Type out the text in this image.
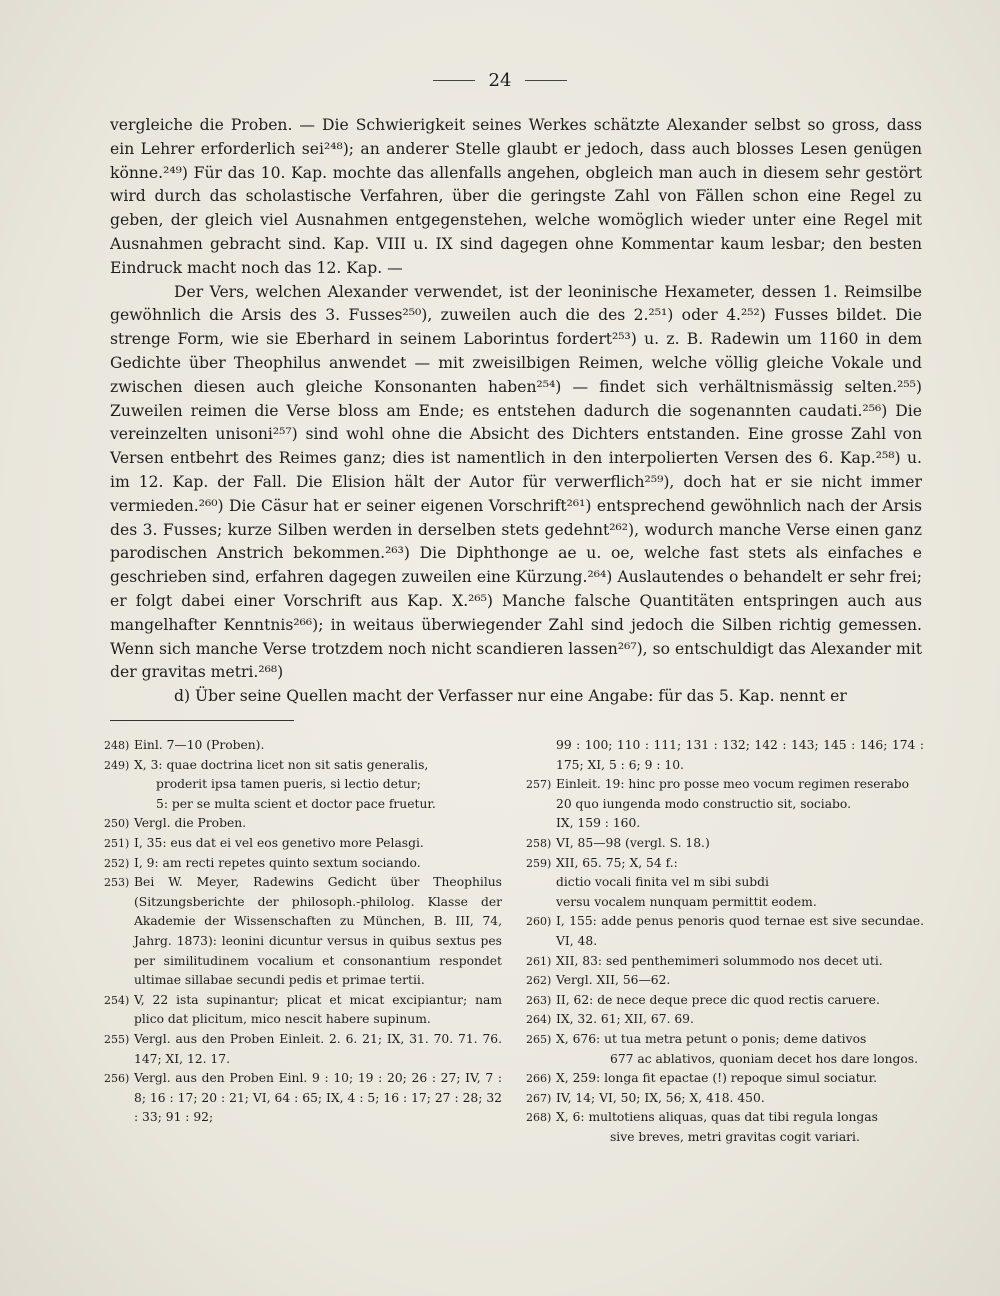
24

vergleiche die Proben. — Die Schwierigkeit seines Werkes schätzte Alexander selbst so gross, dass ein Lehrer erforderlich sei²⁴⁸); an anderer Stelle glaubt er jedoch, dass auch blosses Lesen genügen könne.²⁴⁹) Für das 10. Kap. mochte das allenfalls angehen, obgleich man auch in diesem sehr gestört wird durch das scholastische Verfahren, über die geringste Zahl von Fällen schon eine Regel zu geben, der gleich viel Ausnahmen entgegenstehen, welche womöglich wieder unter eine Regel mit Ausnahmen gebracht sind. Kap. VIII u. IX sind dagegen ohne Kommentar kaum lesbar; den besten Eindruck macht noch das 12. Kap. —

Der Vers, welchen Alexander verwendet, ist der leoninische Hexameter, dessen 1. Reimsilbe gewöhnlich die Arsis des 3. Fusses²⁵⁰), zuweilen auch die des 2.²⁵¹) oder 4.²⁵²) Fusses bildet. Die strenge Form, wie sie Eberhard in seinem Laborintus fordert²⁵³) u. z. B. Radewin um 1160 in dem Gedichte über Theophilus anwendet — mit zweisilbigen Reimen, welche völlig gleiche Vokale und zwischen diesen auch gleiche Konsonanten haben²⁵⁴) — findet sich verhältnismässig selten.²⁵⁵) Zuweilen reimen die Verse bloss am Ende; es entstehen dadurch die sogenannten caudati.²⁵⁶) Die vereinzelten unisoni²⁵⁷) sind wohl ohne die Absicht des Dichters entstanden. Eine grosse Zahl von Versen entbehrt des Reimes ganz; dies ist namentlich in den interpolierten Versen des 6. Kap.²⁵⁸) u. im 12. Kap. der Fall. Die Elision hält der Autor für verwerflich²⁵⁹), doch hat er sie nicht immer vermieden.²⁶⁰) Die Cäsur hat er seiner eigenen Vorschrift²⁶¹) entsprechend gewöhnlich nach der Arsis des 3. Fusses; kurze Silben werden in derselben stets gedehnt²⁶²), wodurch manche Verse einen ganz parodischen Anstrich bekommen.²⁶³) Die Diphthonge ae u. oe, welche fast stets als einfaches e geschrieben sind, erfahren dagegen zuweilen eine Kürzung.²⁶⁴) Auslautendes o behandelt er sehr frei; er folgt dabei einer Vorschrift aus Kap. X.²⁶⁵) Manche falsche Quantitäten entspringen auch aus mangelhafter Kenntnis²⁶⁶); in weitaus überwiegender Zahl sind jedoch die Silben richtig gemessen. Wenn sich manche Verse trotzdem noch nicht scandieren lassen²⁶⁷), so entschuldigt das Alexander mit der gravitas metri.²⁶⁸)

d) Über seine Quellen macht der Verfasser nur eine Angabe: für das 5. Kap. nennt er

248) Einl. 7—10 (Proben).
249) X, 3: quae doctrina licet non sit satis generalis,
proderit ipsa tamen pueris, si lectio detur;
5: per se multa scient et doctor pace fruetur.
250) Vergl. die Proben.
251) I, 35: eus dat ei vel eos genetivo more Pelasgi.
252) I, 9: am recti repetes quinto sextum sociando.
253) Bei W. Meyer, Radewins Gedicht über Theophilus (Sitzungsberichte der philosoph.-philolog. Klasse der Akademie der Wissenschaften zu München, B. III, 74, Jahrg. 1873): leonini dicuntur versus in quibus sextus pes per similitudinem vocalium et consonantium respondet ultimae sillabae secundi pedis et primae tertii.
254) V, 22 ista supinantur; plicat et micat excipiantur; nam plico dat plicitum, mico nescit habere supinum.
255) Vergl. aus den Proben Einleit. 2. 6. 21; IX, 31. 70. 71. 76. 147; XI, 12. 17.
256) Vergl. aus den Proben Einl. 9 : 10; 19 : 20; 26 : 27; IV, 7 : 8; 16 : 17; 20 : 21; VI, 64 : 65; IX, 4 : 5; 16 : 17; 27 : 28; 32 : 33; 91 : 92;

99 : 100; 110 : 111; 131 : 132; 142 : 143; 145 : 146; 174 : 175; XI, 5 : 6; 9 : 10.

257) Einleit. 19: hinc pro posse meo vocum regimen reserabo
20 quo iungenda modo constructio sit, sociabo.
IX, 159 : 160.
258) VI, 85—98 (vergl. S. 18.)
259) XII, 65. 75; X, 54 f.:
dictio vocali finita vel m sibi subdi
versu vocalem nunquam permittit eodem.
260) I, 155: adde penus penoris quod ternae est sive secundae. VI, 48.
261) XII, 83: sed penthemimeri solummodo nos decet uti.
262) Vergl. XII, 56—62.
263) II, 62: de nece deque prece dic quod rectis caruere.
264) IX, 32. 61; XII, 67. 69.
265) X, 676: ut tua metra petunt o ponis; deme dativos
677 ac ablativos, quoniam decet hos dare longos.
266) X, 259: longa fit epactae (!) repoque simul sociatur.
267) IV, 14; VI, 50; IX, 56; X, 418. 450.
268) X, 6: multotiens aliquas, quas dat tibi regula longas
sive breves, metri gravitas cogit variari.
